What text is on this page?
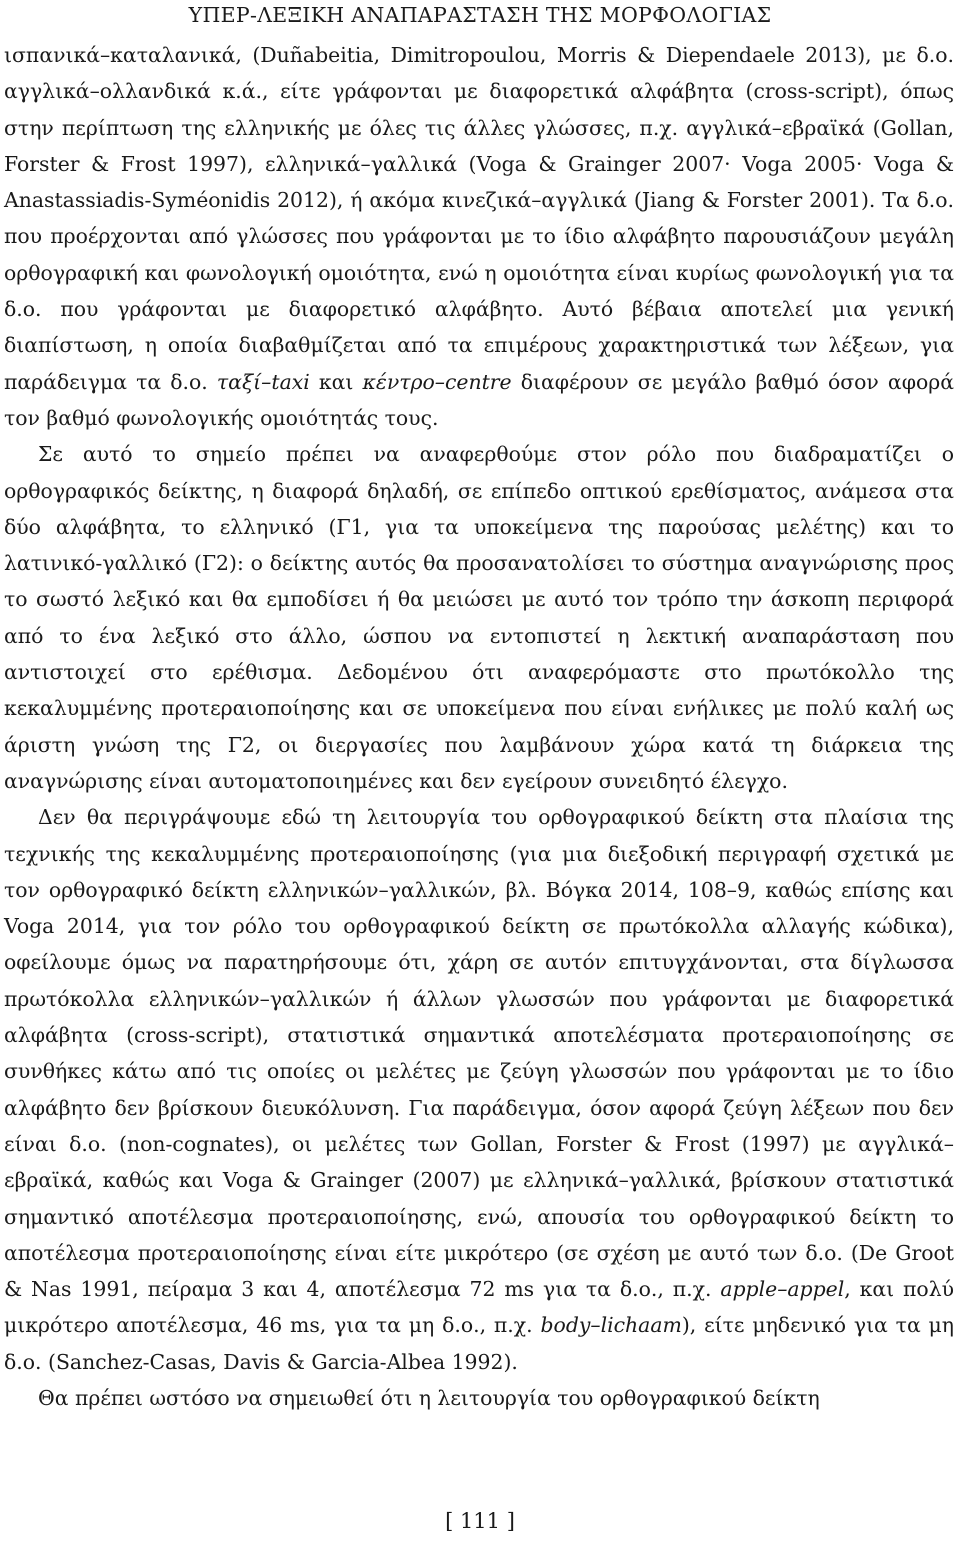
ΥΠΕΡ-ΛΕΞΙΚΗ ΑΝΑΠΑΡΑΣΤΑΣΗ ΤΗΣ ΜΟΡΦΟΛΟΓΙΑΣ

ισπανικά–καταλανικά, (Duñabeitia, Dimitropoulou, Morris & Diependaele 2013), με δ.ο. αγγλικά–ολλανδικά κ.ά., είτε γράφονται με διαφορετικά αλφάβητα (cross-script), όπως στην περίπτωση της ελληνικής με όλες τις άλλες γλώσσες, π.χ. αγγλικά–εβραϊκά (Gollan, Forster & Frost 1997), ελληνικά–γαλλικά (Voga & Grainger 2007· Voga 2005· Voga & Anastassiadis-Syméonidis 2012), ή ακόμα κινεζικά–αγγλικά (Jiang & Forster 2001). Τα δ.ο. που προέρχονται από γλώσσες που γράφονται με το ίδιο αλφάβητο παρουσιάζουν μεγάλη ορθογραφική και φωνολογική ομοιότητα, ενώ η ομοιότητα είναι κυρίως φωνολογική για τα δ.ο. που γράφονται με διαφορετικό αλφάβητο. Αυτό βέβαια αποτελεί μια γενική διαπίστωση, η οποία διαβαθμίζεται από τα επιμέρους χαρακτηριστικά των λέξεων, για παράδειγμα τα δ.ο. ταξί–taxi και κέντρο–centre διαφέρουν σε μεγάλο βαθμό όσον αφορά τον βαθμό φωνολογικής ομοιότητάς τους.

Σε αυτό το σημείο πρέπει να αναφερθούμε στον ρόλο που διαδραματίζει ο ορθογραφικός δείκτης, η διαφορά δηλαδή, σε επίπεδο οπτικού ερεθίσματος, ανάμεσα στα δύο αλφάβητα, το ελληνικό (Γ1, για τα υποκείμενα της παρούσας μελέτης) και το λατινικό-γαλλικό (Γ2): ο δείκτης αυτός θα προσανατολίσει το σύστημα αναγνώρισης προς το σωστό λεξικό και θα εμποδίσει ή θα μειώσει με αυτό τον τρόπο την άσκοπη περιφορά από το ένα λεξικό στο άλλο, ώσπου να εντοπιστεί η λεκτική αναπαράσταση που αντιστοιχεί στο ερέθισμα. Δεδομένου ότι αναφερόμαστε στο πρωτόκολλο της κεκαλυμμένης προτεραιοποίησης και σε υποκείμενα που είναι ενήλικες με πολύ καλή ως άριστη γνώση της Γ2, οι διεργασίες που λαμβάνουν χώρα κατά τη διάρκεια της αναγνώρισης είναι αυτοματοποιημένες και δεν εγείρουν συνειδητό έλεγχο.

Δεν θα περιγράψουμε εδώ τη λειτουργία του ορθογραφικού δείκτη στα πλαίσια της τεχνικής της κεκαλυμμένης προτεραιοποίησης (για μια διεξοδική περιγραφή σχετικά με τον ορθογραφικό δείκτη ελληνικών–γαλλικών, βλ. Βόγκα 2014, 108–9, καθώς επίσης και Voga 2014, για τον ρόλο του ορθογραφικού δείκτη σε πρωτόκολλα αλλαγής κώδικα), οφείλουμε όμως να παρατηρήσουμε ότι, χάρη σε αυτόν επιτυγχάνονται, στα δίγλωσσα πρωτόκολλα ελληνικών–γαλλικών ή άλλων γλωσσών που γράφονται με διαφορετικά αλφάβητα (cross-script), στατιστικά σημαντικά αποτελέσματα προτεραιοποίησης σε συνθήκες κάτω από τις οποίες οι μελέτες με ζεύγη γλωσσών που γράφονται με το ίδιο αλφάβητο δεν βρίσκουν διευκόλυνση. Για παράδειγμα, όσον αφορά ζεύγη λέξεων που δεν είναι δ.ο. (non-cognates), οι μελέτες των Gollan, Forster & Frost (1997) με αγγλικά–εβραϊκά, καθώς και Voga & Grainger (2007) με ελληνικά–γαλλικά, βρίσκουν στατιστικά σημαντικό αποτέλεσμα προτεραιοποίησης, ενώ, απουσία του ορθογραφικού δείκτη το αποτέλεσμα προτεραιοποίησης είναι είτε μικρότερο (σε σχέση με αυτό των δ.ο. (De Groot & Nas 1991, πείραμα 3 και 4, αποτέλεσμα 72 ms για τα δ.ο., π.χ. apple–appel, και πολύ μικρότερο αποτέλεσμα, 46 ms, για τα μη δ.ο., π.χ. body–lichaam), είτε μηδενικό για τα μη δ.ο. (Sanchez-Casas, Davis & Garcia-Albea 1992).

Θα πρέπει ωστόσο να σημειωθεί ότι η λειτουργία του ορθογραφικού δείκτη

[ 111 ]
